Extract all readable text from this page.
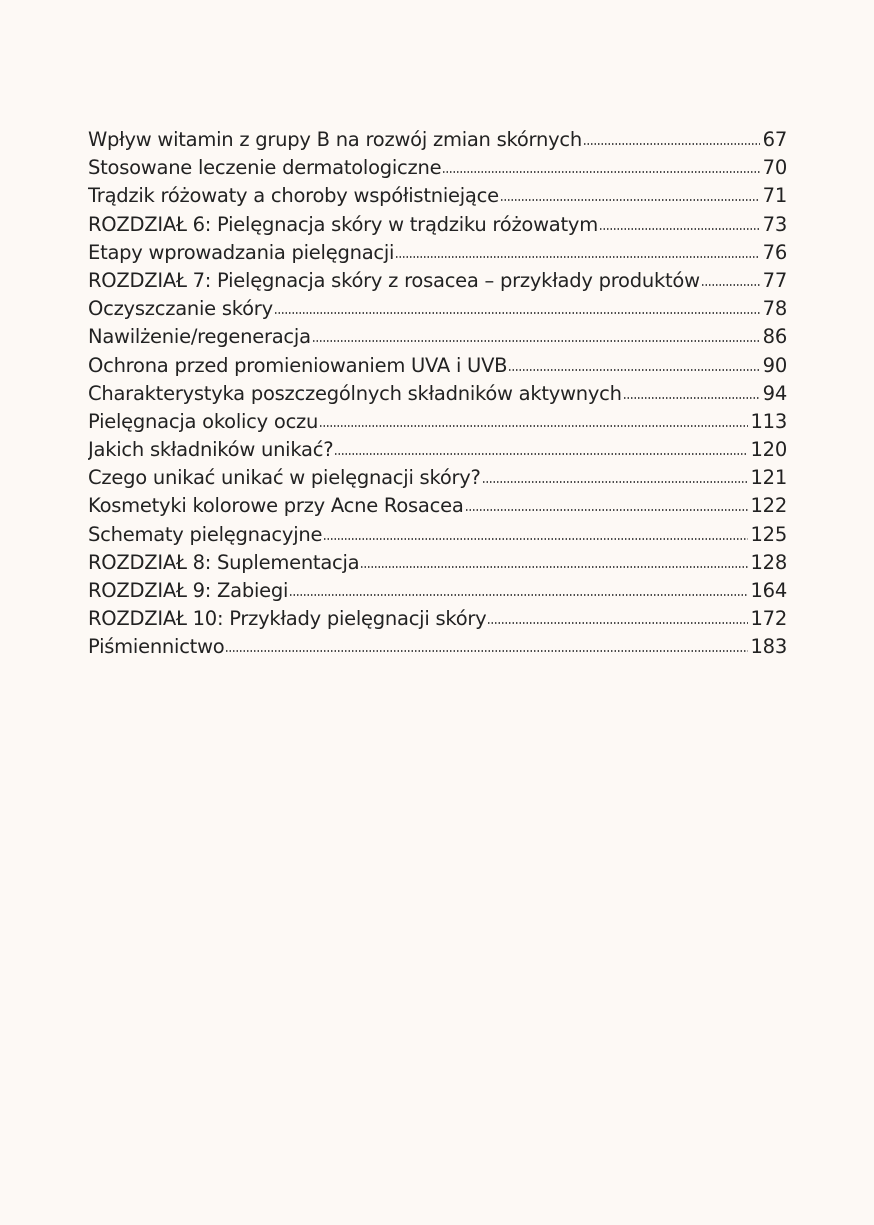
Wpływ witamin z grupy B na rozwój zmian skórnych	67
Stosowane leczenie dermatologiczne	70
Trądzik różowaty a choroby współistniejące	71
ROZDZIAŁ 6: Pielęgnacja skóry w trądziku różowatym	73
Etapy wprowadzania pielęgnacji	76
ROZDZIAŁ 7: Pielęgnacja skóry z rosacea – przykłady produktów	77
Oczyszczanie skóry	78
Nawilżenie/regeneracja	86
Ochrona przed promieniowaniem UVA i UVB	90
Charakterystyka poszczególnych składników aktywnych	94
Pielęgnacja okolicy oczu	113
Jakich składników unikać?	120
Czego unikać unikać w pielęgnacji skóry?	121
Kosmetyki kolorowe przy Acne Rosacea	122
Schematy pielęgnacyjne	125
ROZDZIAŁ 8: Suplementacja	128
ROZDZIAŁ 9: Zabiegi	164
ROZDZIAŁ 10: Przykłady pielęgnacji skóry	172
Piśmiennictwo	183
